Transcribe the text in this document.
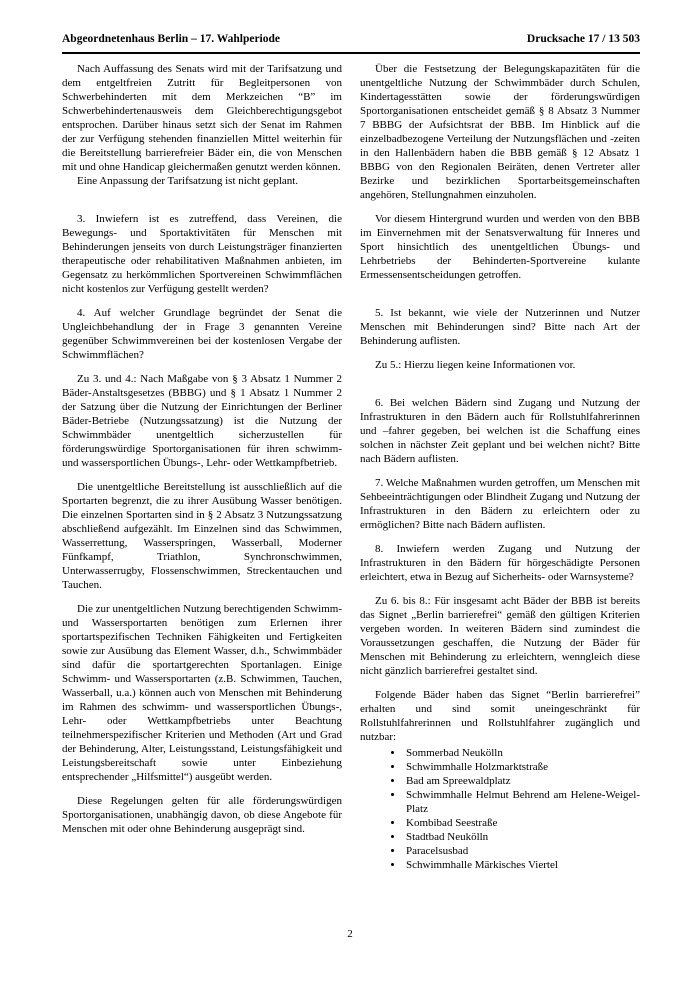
Abgeordnetenhaus Berlin – 17. Wahlperiode	Drucksache 17 / 13 503

Nach Auffassung des Senats wird mit der Tarifsatzung und dem entgeltfreien Zutritt für Begleitpersonen von Schwerbehinderten mit dem Merkzeichen “B” im Schwerbehindertenausweis dem Gleichberechtigungsgebot entsprochen. Darüber hinaus setzt sich der Senat im Rahmen der zur Verfügung stehenden finanziellen Mittel weiterhin für die Bereitstellung barrierefreier Bäder ein, die von Menschen mit und ohne Handicap gleichermaßen genutzt werden können.

Eine Anpassung der Tarifsatzung ist nicht geplant.

3. Inwiefern ist es zutreffend, dass Vereinen, die Bewegungs- und Sportaktivitäten für Menschen mit Behinderungen jenseits von durch Leistungsträger finanzierten therapeutische oder rehabilitativen Maßnahmen anbieten, im Gegensatz zu herkömmlichen Sportvereinen Schwimmflächen nicht kostenlos zur Verfügung gestellt werden?

4. Auf welcher Grundlage begründet der Senat die Ungleichbehandlung der in Frage 3 genannten Vereine gegenüber Schwimmvereinen bei der kostenlosen Vergabe der Schwimmflächen?

Zu 3. und 4.: Nach Maßgabe von § 3 Absatz 1 Nummer 2 Bäder-Anstaltsgesetzes (BBBG) und § 1 Absatz 1 Nummer 2 der Satzung über die Nutzung der Einrichtungen der Berliner Bäder-Betriebe (Nutzungssatzung) ist die Nutzung der Schwimmbäder unentgeltlich sicherzustellen für förderungswürdige Sportorganisationen für ihren schwimm- und wassersportlichen Übungs-, Lehr- oder Wettkampfbetrieb.

Die unentgeltliche Bereitstellung ist ausschließlich auf die Sportarten begrenzt, die zu ihrer Ausübung Wasser benötigen. Die einzelnen Sportarten sind in § 2 Absatz 3 Nutzungssatzung abschließend aufgezählt. Im Einzelnen sind das Schwimmen, Wasserrettung, Wasserspringen, Wasserball, Moderner Fünfkampf, Triathlon, Synchronschwimmen, Unterwasserrugby, Flossenschwimmen, Streckentauchen und Tauchen.

Die zur unentgeltlichen Nutzung berechtigenden Schwimm- und Wassersportarten benötigen zum Erlernen ihrer sportartspezifischen Techniken Fähigkeiten und Fertigkeiten sowie zur Ausübung das Element Wasser, d.h., Schwimmbäder sind dafür die sportartgerechten Sportanlagen. Einige Schwimm- und Wassersportarten (z.B. Schwimmen, Tauchen, Wasserball, u.a.) können auch von Menschen mit Behinderung im Rahmen des schwimm- und wassersportlichen Übungs-, Lehr- oder Wettkampfbetriebs unter Beachtung teilnehmerspezifischer Kriterien und Methoden (Art und Grad der Behinderung, Alter, Leistungsstand, Leistungsfähigkeit und Leistungsbereitschaft sowie unter Einbeziehung entsprechender „Hilfsmittel“) ausgeübt werden.

Diese Regelungen gelten für alle förderungswürdigen Sportorganisationen, unabhängig davon, ob diese Angebote für Menschen mit oder ohne Behinderung ausgeprägt sind.

Über die Festsetzung der Belegungskapazitäten für die unentgeltliche Nutzung der Schwimmbäder durch Schulen, Kindertagesstätten sowie der förderungswürdigen Sportorganisationen entscheidet gemäß § 8 Absatz 3 Nummer 7 BBBG der Aufsichtsrat der BBB. Im Hinblick auf die einzelbadbezogene Verteilung der Nutzungsflächen und -zeiten in den Hallenbädern haben die BBB gemäß § 12 Absatz 1 BBBG von den Regionalen Beiräten, denen Vertreter aller Bezirke und bezirklichen Sportarbeitsgemeinschaften angehören, Stellungnahmen einzuholen.

Vor diesem Hintergrund wurden und werden von den BBB im Einvernehmen mit der Senatsverwaltung für Inneres und Sport hinsichtlich des unentgeltlichen Übungs- und Lehrbetriebs der Behinderten-Sportvereine kulante Ermessensentscheidungen getroffen.

5. Ist bekannt, wie viele der Nutzerinnen und Nutzer Menschen mit Behinderungen sind? Bitte nach Art der Behinderung auflisten.

Zu 5.: Hierzu liegen keine Informationen vor.

6. Bei welchen Bädern sind Zugang und Nutzung der Infrastrukturen in den Bädern auch für Rollstuhlfahrerinnen und –fahrer gegeben, bei welchen ist die Schaffung eines solchen in nächster Zeit geplant und bei welchen nicht? Bitte nach Bädern auflisten.

7. Welche Maßnahmen wurden getroffen, um Menschen mit Sehbeeinträchtigungen oder Blindheit Zugang und Nutzung der Infrastrukturen in den Bädern zu erleichtern oder zu ermöglichen? Bitte nach Bädern auflisten.

8. Inwiefern werden Zugang und Nutzung der Infrastrukturen in den Bädern für hörgeschädigte Personen erleichtert, etwa in Bezug auf Sicherheits- oder Warnsysteme?

Zu 6. bis 8.: Für insgesamt acht Bäder der BBB ist bereits das Signet „Berlin barrierefrei“ gemäß den gültigen Kriterien vergeben worden. In weiteren Bädern sind zumindest die Voraussetzungen geschaffen, die Nutzung der Bäder für Menschen mit Behinderung zu erleichtern, wenngleich diese nicht gänzlich barrierefrei gestaltet sind.

Folgende Bäder haben das Signet “Berlin barrierefrei” erhalten und sind somit uneingeschränkt für Rollstuhlfahrerinnen und Rollstuhlfahrer zugänglich und nutzbar:

• Sommerbad Neukölln
• Schwimmhalle Holzmarktstraße
• Bad am Spreewaldplatz
• Schwimmhalle Helmut Behrend am Helene-Weigel-Platz
• Kombibad Seestraße
• Stadtbad Neukölln
• Paracelsusbad
• Schwimmhalle Märkisches Viertel
2
